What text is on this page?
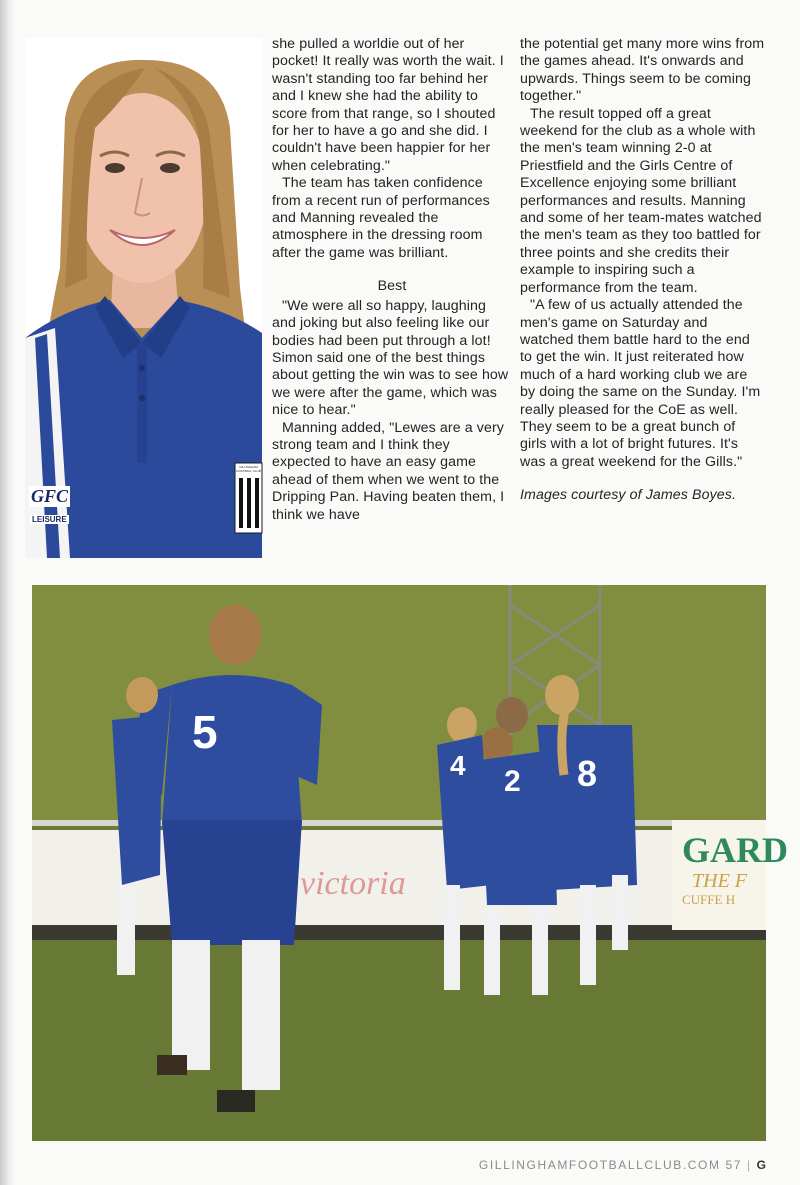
GFC
LEISURE
GILLINGHAM FOOTBALL CLUB

she pulled a worldie out of her pocket! It really was worth the wait. I wasn't standing too far behind her and I knew she had the ability to score from that range, so I shouted for her to have a go and she did. I couldn't have been happier for her when celebrating."

The team has taken confidence from a recent run of performances and Manning revealed the atmosphere in the dressing room after the game was brilliant.

Best

"We were all so happy, laughing and joking but also feeling like our bodies had been put through a lot! Simon said one of the best things about getting the win was to see how we were after the game, which was nice to hear."

Manning added, "Lewes are a very strong team and I think they expected to have an easy game ahead of them when we went to the Dripping Pan. Having beaten them, I think we have

the potential get many more wins from the games ahead. It's onwards and upwards. Things seem to be coming together."

The result topped off a great weekend for the club as a whole with the men's team winning 2-0 at Priestfield and the Girls Centre of Excellence enjoying some brilliant performances and results. Manning and some of her team-mates watched the men's team as they too battled for three points and she credits their example to inspiring such a performance from the team.

"A few of us actually attended the men's game on Saturday and watched them battle hard to the end to get the win. It just reiterated how much of a hard working club we are by doing the same on the Sunday. I'm really pleased for the CoE as well. They seem to be a great bunch of girls with a lot of bright futures. It's was a great weekend for the Gills."

Images courtesy of James Boyes.

5
4 2 8
victoria
GARD
THE F
CUFFE H
GILLINGHAMFOOTBALLCLUB.COM 57 | G
